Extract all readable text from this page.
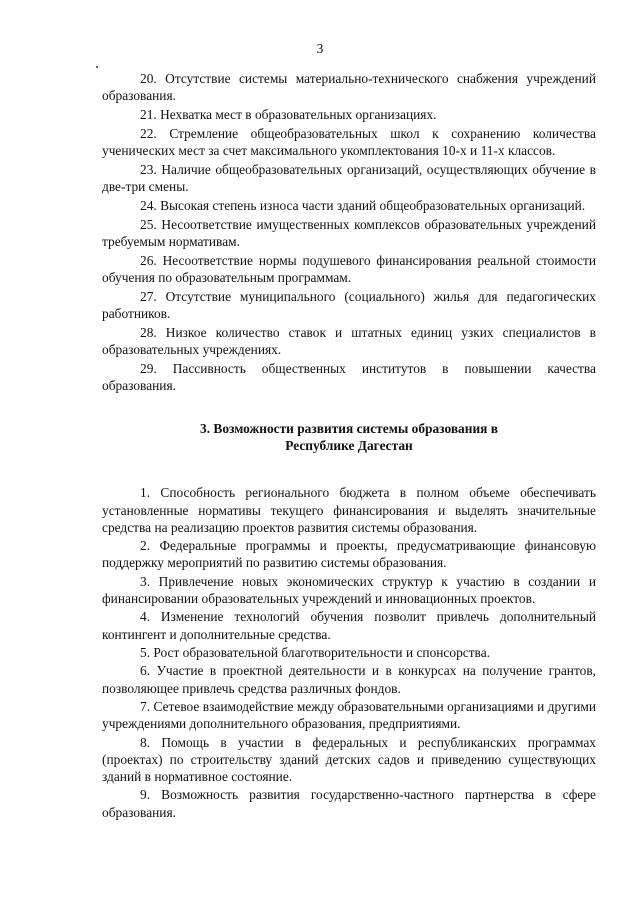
3

20. Отсутствие системы материально-технического снабжения учреждений образования.

21. Нехватка мест в образовательных организациях.

22. Стремление общеобразовательных школ к сохранению количества ученических мест за счет максимального укомплектования 10-х и 11-х классов.

23. Наличие общеобразовательных организаций, осуществляющих обучение в две-три смены.

24. Высокая степень износа части зданий общеобразовательных организаций.

25. Несоответствие имущественных комплексов образовательных учреждений требуемым нормативам.

26. Несоответствие нормы подушевого финансирования реальной стоимости обучения по образовательным программам.

27. Отсутствие муниципального (социального) жилья для педагогических работников.

28. Низкое количество ставок и штатных единиц узких специалистов в образовательных учреждениях.

29. Пассивность общественных институтов в повышении качества образования.

3. Возможности развития системы образования в
Республике Дагестан

1. Способность регионального бюджета в полном объеме обеспечивать установленные нормативы текущего финансирования и выделять значительные средства на реализацию проектов развития системы образования.

2. Федеральные программы и проекты, предусматривающие финансовую поддержку мероприятий по развитию системы образования.

3. Привлечение новых экономических структур к участию в создании и финансировании образовательных учреждений и инновационных проектов.

4. Изменение технологий обучения позволит привлечь дополнительный контингент и дополнительные средства.

5. Рост образовательной благотворительности и спонсорства.

6. Участие в проектной деятельности и в конкурсах на получение грантов, позволяющее привлечь средства различных фондов.

7. Сетевое взаимодействие между образовательными организациями и другими учреждениями дополнительного образования, предприятиями.

8. Помощь в участии в федеральных и республиканских программах (проектах) по строительству зданий детских садов и приведению существующих зданий в нормативное состояние.

9. Возможность развития государственно-частного партнерства в сфере образования.
